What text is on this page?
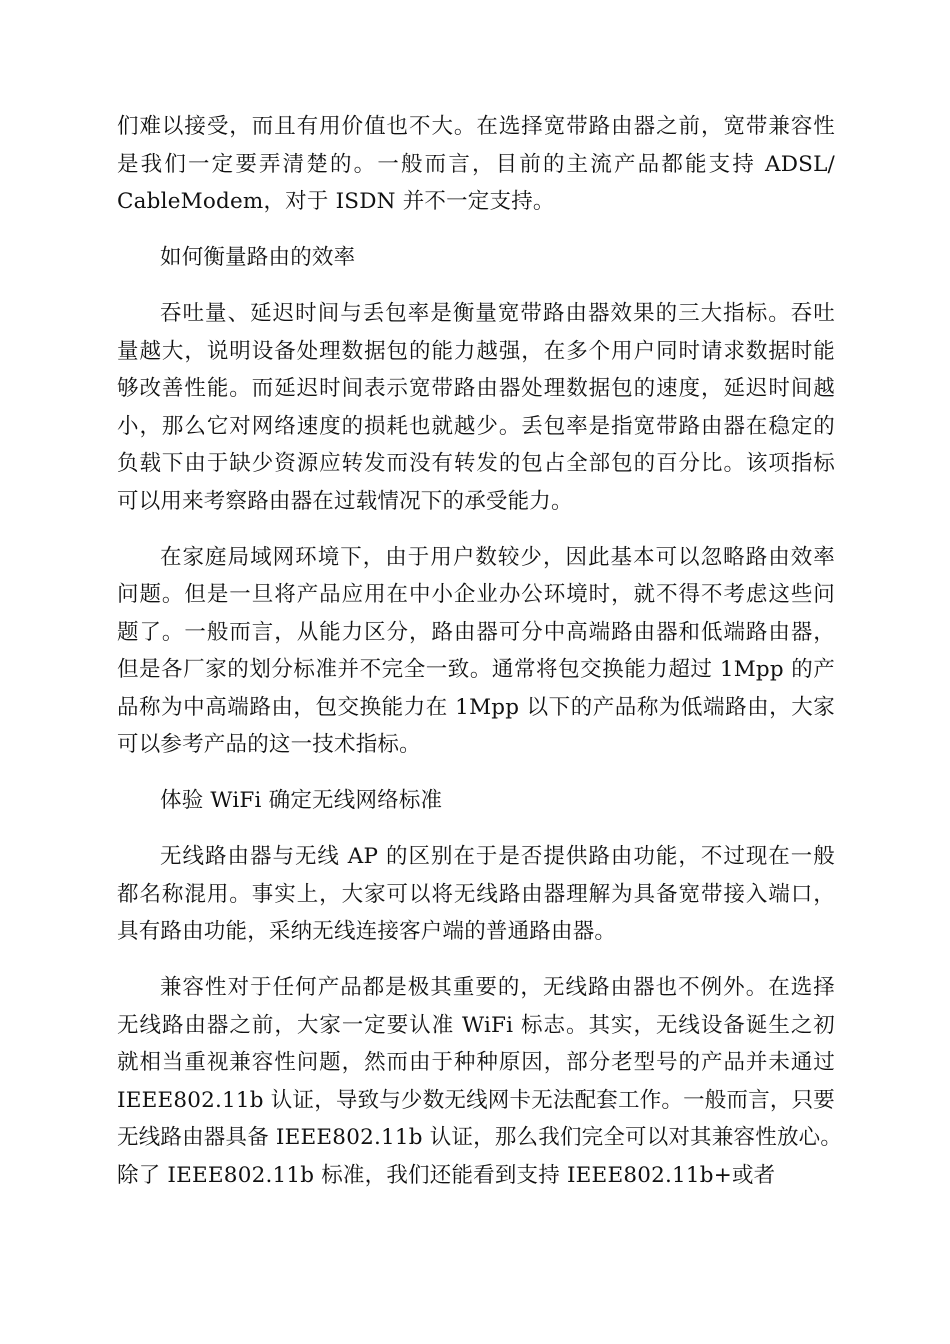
们难以接受，而且有用价值也不大。在选择宽带路由器之前，宽带兼容性
是我们一定要弄清楚的。一般而言，目前的主流产品都能支持 ADSL/
CableModem，对于 ISDN 并不一定支持。

如何衡量路由的效率

吞吐量、延迟时间与丢包率是衡量宽带路由器效果的三大指标。吞吐
量越大，说明设备处理数据包的能力越强，在多个用户同时请求数据时能
够改善性能。而延迟时间表示宽带路由器处理数据包的速度，延迟时间越
小，那么它对网络速度的损耗也就越少。丢包率是指宽带路由器在稳定的
负载下由于缺少资源应转发而没有转发的包占全部包的百分比。该项指标
可以用来考察路由器在过载情况下的承受能力。

在家庭局域网环境下，由于用户数较少，因此基本可以忽略路由效率
问题。但是一旦将产品应用在中小企业办公环境时，就不得不考虑这些问
题了。一般而言，从能力区分，路由器可分中高端路由器和低端路由器，
但是各厂家的划分标准并不完全一致。通常将包交换能力超过 1Mpp 的产
品称为中高端路由，包交换能力在 1Mpp 以下的产品称为低端路由，大家
可以参考产品的这一技术指标。

体验 WiFi 确定无线网络标准

无线路由器与无线 AP 的区别在于是否提供路由功能，不过现在一般
都名称混用。事实上，大家可以将无线路由器理解为具备宽带接入端口，
具有路由功能，采纳无线连接客户端的普通路由器。

兼容性对于任何产品都是极其重要的，无线路由器也不例外。在选择
无线路由器之前，大家一定要认准 WiFi 标志。其实，无线设备诞生之初
就相当重视兼容性问题，然而由于种种原因，部分老型号的产品并未通过
IEEE802.11b 认证，导致与少数无线网卡无法配套工作。一般而言，只要
无线路由器具备 IEEE802.11b 认证，那么我们完全可以对其兼容性放心。
除了 IEEE802.11b 标准，我们还能看到支持 IEEE802.11b+或者
